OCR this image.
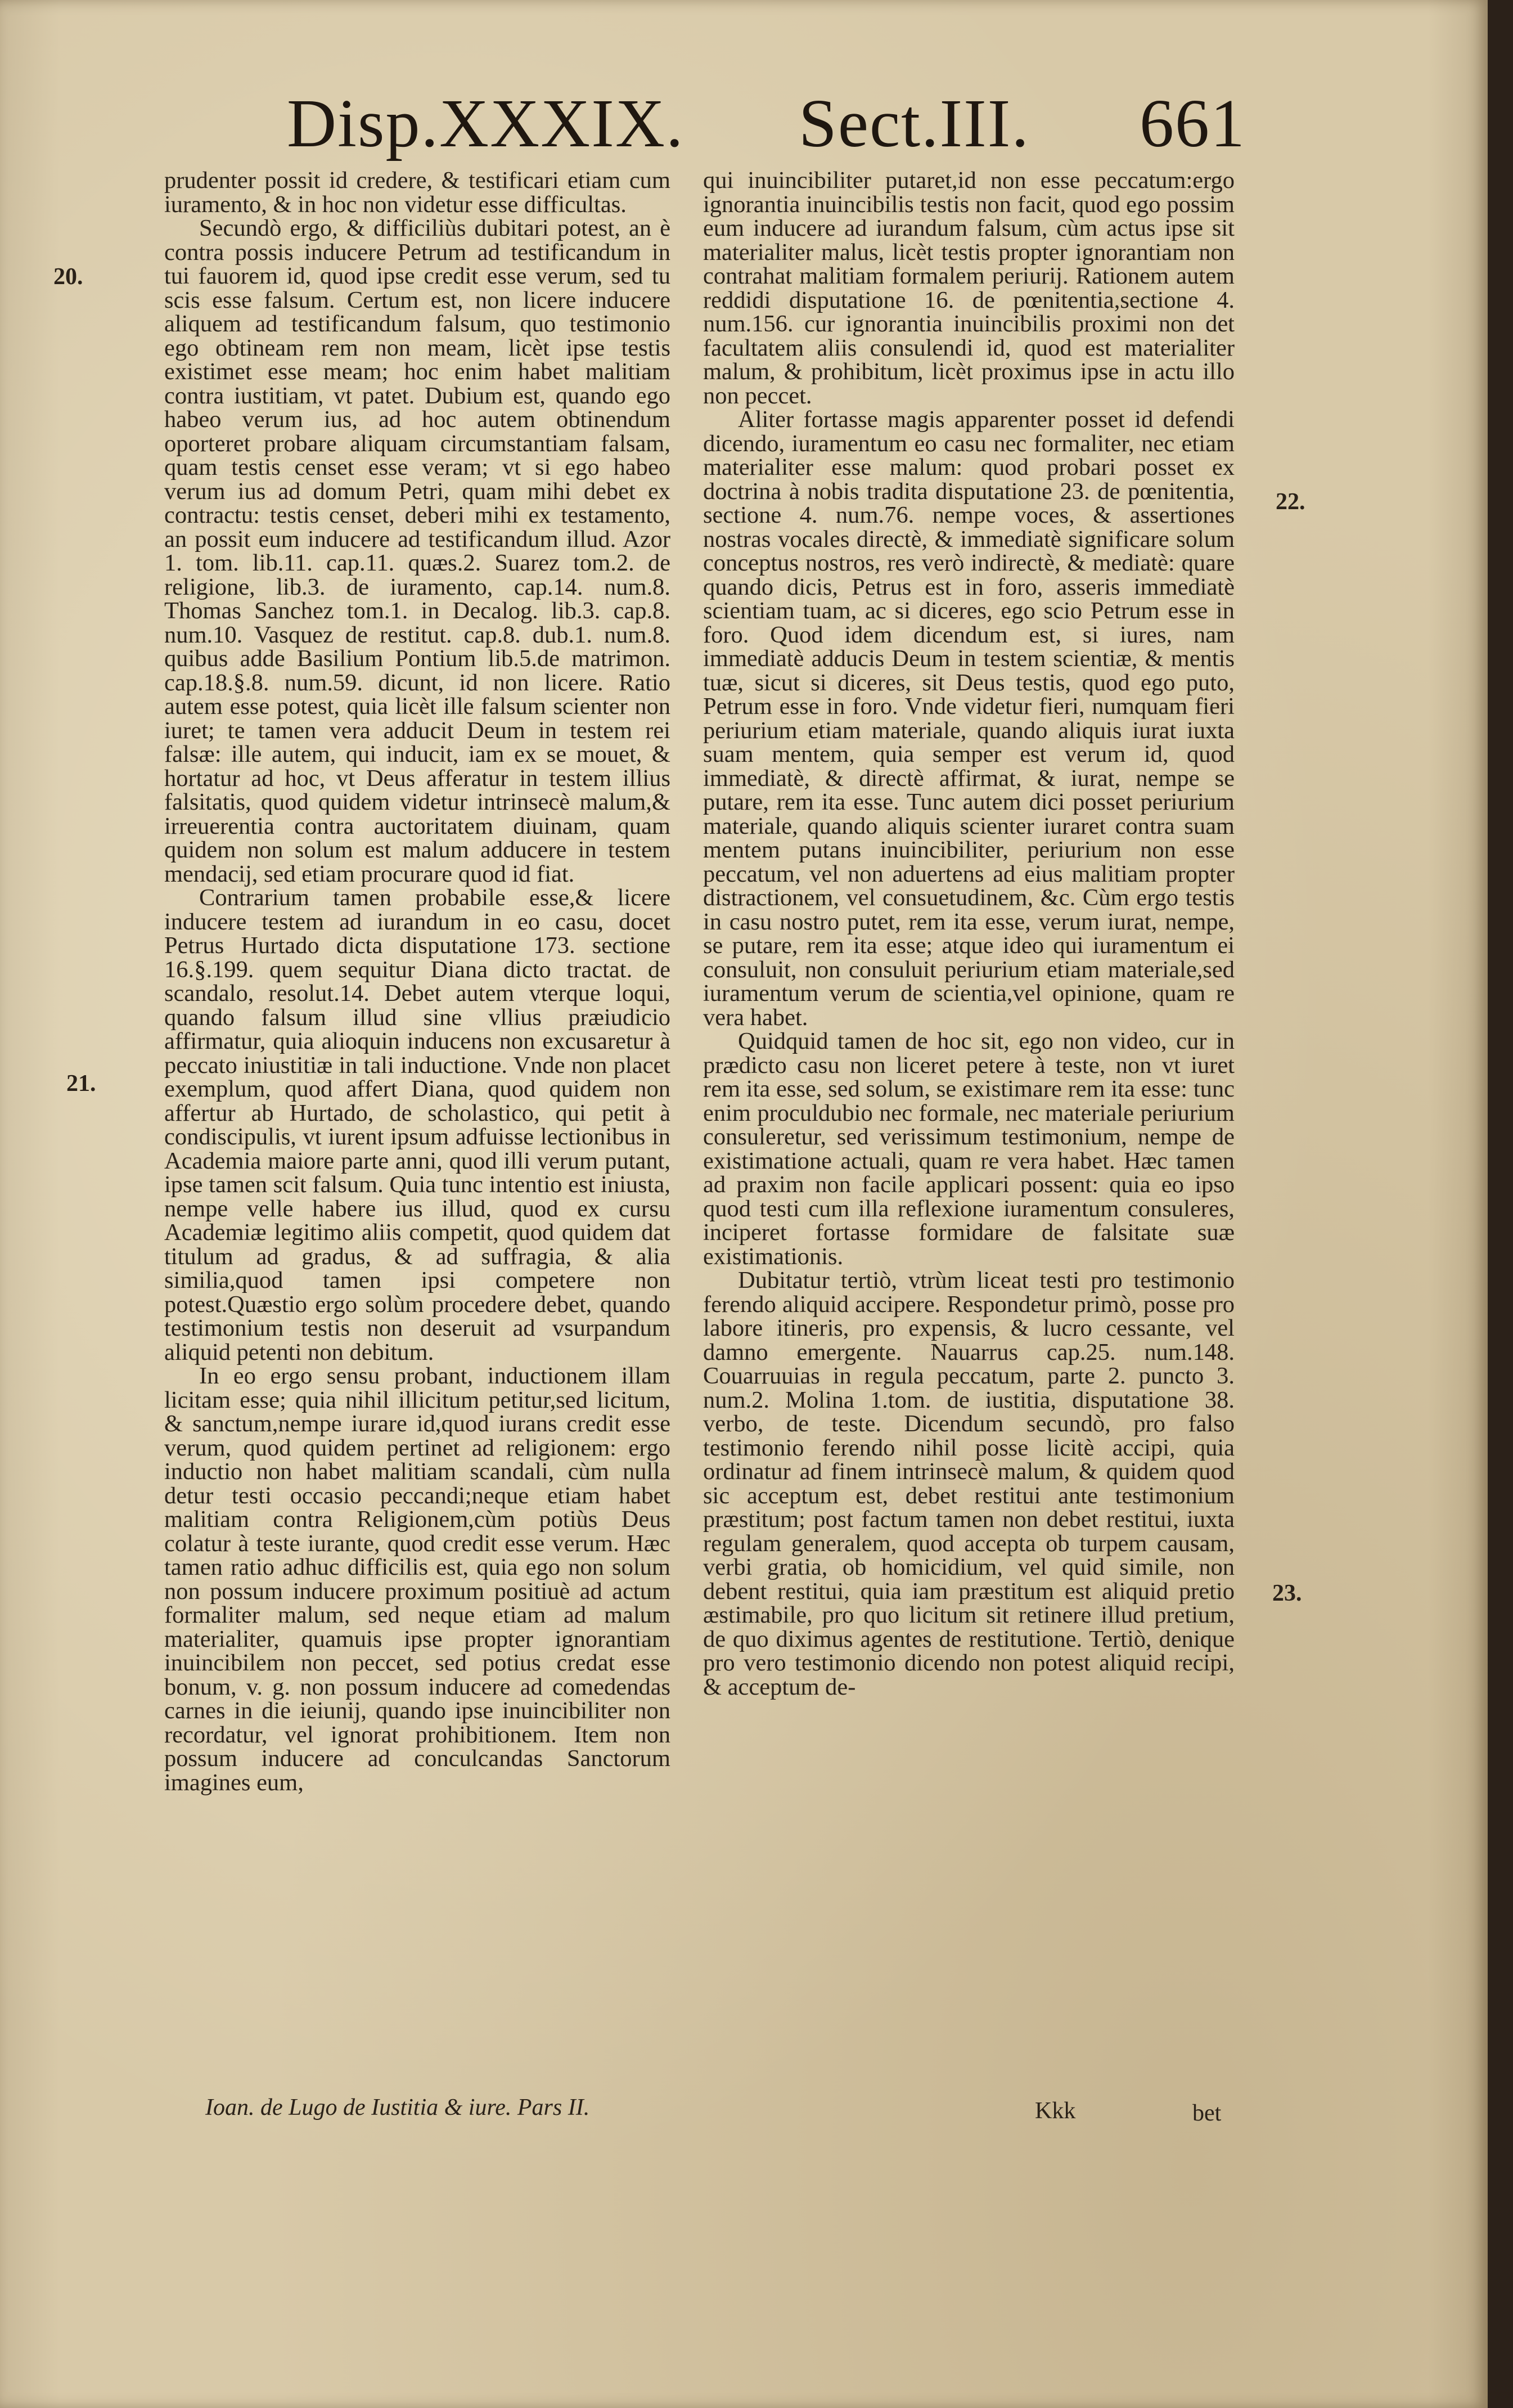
Disp.XXXIX. Sect.III. 661
20.
21.
22.
23.

prudenter possit id credere, & testificari etiam cum iuramento, & in hoc non videtur esse difficultas.

Secundò ergo, & difficiliùs dubitari potest, an è contra possis inducere Petrum ad testificandum in tui fauorem id, quod ipse credit esse verum, sed tu scis esse falsum. Certum est, non licere inducere aliquem ad testificandum falsum, quo testimonio ego obtineam rem non meam, licèt ipse testis existimet esse meam; hoc enim habet malitiam contra iustitiam, vt patet. Dubium est, quando ego habeo verum ius, ad hoc autem obtinendum oporteret probare aliquam circumstantiam falsam, quam testis censet esse veram; vt si ego habeo verum ius ad domum Petri, quam mihi debet ex contractu: testis censet, deberi mihi ex testamento, an possit eum inducere ad testificandum illud. Azor 1. tom. lib.11. cap.11. quæs.2. Suarez tom.2. de religione, lib.3. de iuramento, cap.14. num.8. Thomas Sanchez tom.1. in Decalog. lib.3. cap.8. num.10. Vasquez de restitut. cap.8. dub.1. num.8. quibus adde Basilium Pontium lib.5.de matrimon. cap.18.§.8. num.59. dicunt, id non licere. Ratio autem esse potest, quia licèt ille falsum scienter non iuret; te tamen vera adducit Deum in testem rei falsæ: ille autem, qui inducit, iam ex se mouet, & hortatur ad hoc, vt Deus afferatur in testem illius falsitatis, quod quidem videtur intrinsecè malum,& irreuerentia contra auctoritatem diuinam, quam quidem non solum est malum adducere in testem mendacij, sed etiam procurare quod id fiat.

Contrarium tamen probabile esse,& licere inducere testem ad iurandum in eo casu, docet Petrus Hurtado dicta disputatione 173. sectione 16.§.199. quem sequitur Diana dicto tractat. de scandalo, resolut.14. Debet autem vterque loqui, quando falsum illud sine vllius præiudicio affirmatur, quia alioquin inducens non excusaretur à peccato iniustitiæ in tali inductione. Vnde non placet exemplum, quod affert Diana, quod quidem non affertur ab Hurtado, de scholastico, qui petit à condiscipulis, vt iurent ipsum adfuisse lectionibus in Academia maiore parte anni, quod illi verum putant, ipse tamen scit falsum. Quia tunc intentio est iniusta, nempe velle habere ius illud, quod ex cursu Academiæ legitimo aliis competit, quod quidem dat titulum ad gradus, & ad suffragia, & alia similia,quod tamen ipsi competere non potest.Quæstio ergo solùm procedere debet, quando testimonium testis non deseruit ad vsurpandum aliquid petenti non debitum.

In eo ergo sensu probant, inductionem illam licitam esse; quia nihil illicitum petitur,sed licitum, & sanctum,nempe iurare id,quod iurans credit esse verum, quod quidem pertinet ad religionem: ergo inductio non habet malitiam scandali, cùm nulla detur testi occasio peccandi;neque etiam habet malitiam contra Religionem,cùm potiùs Deus colatur à teste iurante, quod credit esse verum. Hæc tamen ratio adhuc difficilis est, quia ego non solum non possum inducere proximum positiuè ad actum formaliter malum, sed neque etiam ad malum materialiter, quamuis ipse propter ignorantiam inuincibilem non peccet, sed potius credat esse bonum, v. g. non possum inducere ad comedendas carnes in die ieiunij, quando ipse inuincibiliter non recordatur, vel ignorat prohibitionem. Item non possum inducere ad conculcandas Sanctorum imagines eum,

qui inuincibiliter putaret,id non esse peccatum:ergo ignorantia inuincibilis testis non facit, quod ego possim eum inducere ad iurandum falsum, cùm actus ipse sit materialiter malus, licèt testis propter ignorantiam non contrahat malitiam formalem periurij. Rationem autem reddidi disputatione 16. de pœnitentia,sectione 4. num.156. cur ignorantia inuincibilis proximi non det facultatem aliis consulendi id, quod est materialiter malum, & prohibitum, licèt proximus ipse in actu illo non peccet.

Aliter fortasse magis apparenter posset id defendi dicendo, iuramentum eo casu nec formaliter, nec etiam materialiter esse malum: quod probari posset ex doctrina à nobis tradita disputatione 23. de pœnitentia, sectione 4. num.76. nempe voces, & assertiones nostras vocales directè, & immediatè significare solum conceptus nostros, res verò indirectè, & mediatè: quare quando dicis, Petrus est in foro, asseris immediatè scientiam tuam, ac si diceres, ego scio Petrum esse in foro. Quod idem dicendum est, si iures, nam immediatè adducis Deum in testem scientiæ, & mentis tuæ, sicut si diceres, sit Deus testis, quod ego puto, Petrum esse in foro. Vnde videtur fieri, numquam fieri periurium etiam materiale, quando aliquis iurat iuxta suam mentem, quia semper est verum id, quod immediatè, & directè affirmat, & iurat, nempe se putare, rem ita esse. Tunc autem dici posset periurium materiale, quando aliquis scienter iuraret contra suam mentem putans inuincibiliter, periurium non esse peccatum, vel non aduertens ad eius malitiam propter distractionem, vel consuetudinem, &c. Cùm ergo testis in casu nostro putet, rem ita esse, verum iurat, nempe, se putare, rem ita esse; atque ideo qui iuramentum ei consuluit, non consuluit periurium etiam materiale,sed iuramentum verum de scientia,vel opinione, quam re vera habet.

Quidquid tamen de hoc sit, ego non video, cur in prædicto casu non liceret petere à teste, non vt iuret rem ita esse, sed solum, se existimare rem ita esse: tunc enim proculdubio nec formale, nec materiale periurium consuleretur, sed verissimum testimonium, nempe de existimatione actuali, quam re vera habet. Hæc tamen ad praxim non facile applicari possent: quia eo ipso quod testi cum illa reflexione iuramentum consuleres, inciperet fortasse formidare de falsitate suæ existimationis.

Dubitatur tertiò, vtrùm liceat testi pro testimonio ferendo aliquid accipere. Respondetur primò, posse pro labore itineris, pro expensis, & lucro cessante, vel damno emergente. Nauarrus cap.25. num.148. Couarruuias in regula peccatum, parte 2. puncto 3. num.2. Molina 1.tom. de iustitia, disputatione 38. verbo, de teste. Dicendum secundò, pro falso testimonio ferendo nihil posse licitè accipi, quia ordinatur ad finem intrinsecè malum, & quidem quod sic acceptum est, debet restitui ante testimonium præstitum; post factum tamen non debet restitui, iuxta regulam generalem, quod accepta ob turpem causam, verbi gratia, ob homicidium, vel quid simile, non debent restitui, quia iam præstitum est aliquid pretio æstimabile, pro quo licitum sit retinere illud pretium, de quo diximus agentes de restitutione. Tertiò, denique pro vero testimonio dicendo non potest aliquid recipi, & acceptum de-

Ioan. de Lugo de Iustitia & iure. Pars II.	Kkk	bet
